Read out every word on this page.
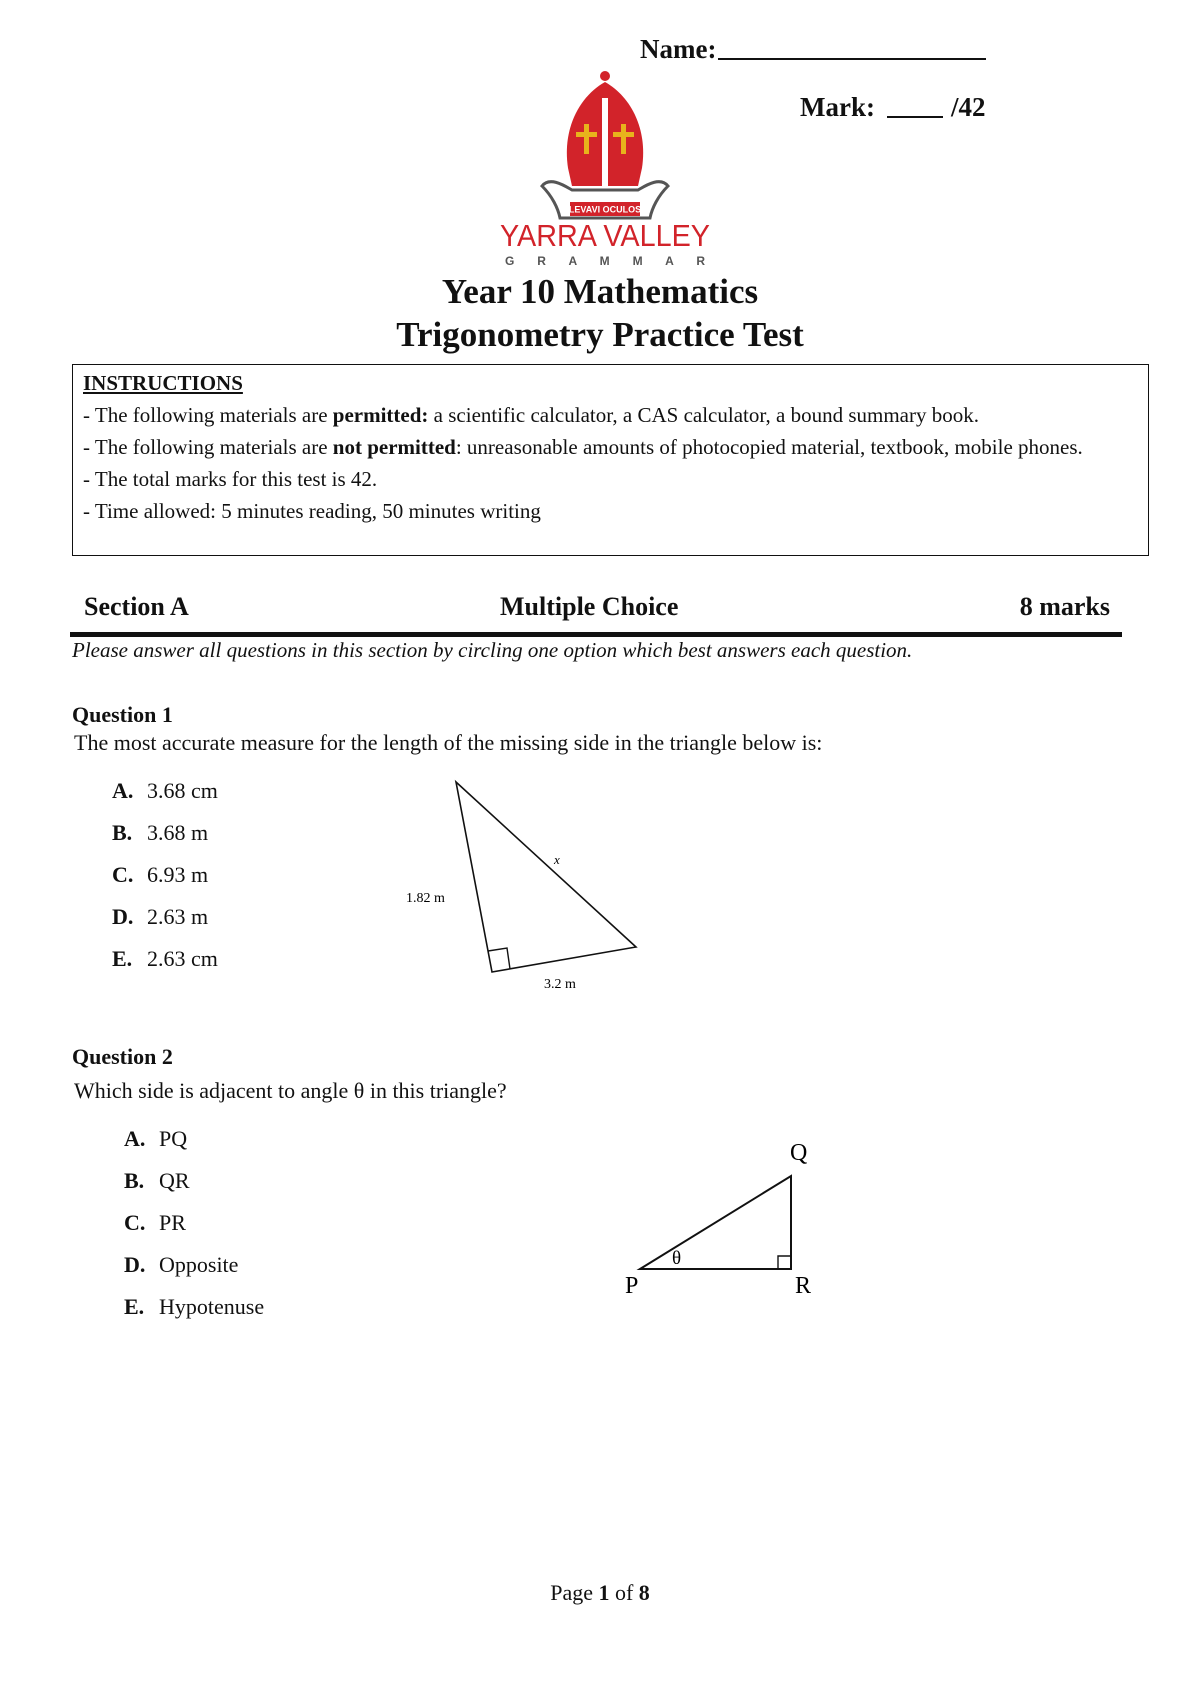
Name:
Mark:	/42
LEVAVI OCULOS
YARRA VALLEY
G R A M M A R
Year 10 Mathematics
Trigonometry Practice Test
INSTRUCTIONS
- The following materials are permitted: a scientific calculator, a CAS calculator, a bound summary book.
- The following materials are not permitted: unreasonable amounts of photocopied material, textbook, mobile phones.
- The total marks for this test is 42.
- Time allowed: 5 minutes reading, 50 minutes writing
Section A	Multiple Choice	8 marks
Please answer all questions in this section by circling one option which best answers each question.
Question 1
The most accurate measure for the length of the missing side in the triangle below is:
A. 3.68 cm
B. 3.68 m
C. 6.93 m
D. 2.63 m
E. 2.63 cm
x
1.82 m
3.2 m
Question 2
Which side is adjacent to angle θ in this triangle?
A. PQ
B. QR
C. PR
D. Opposite
E. Hypotenuse
Q
P	R
θ
Page 1 of 8
